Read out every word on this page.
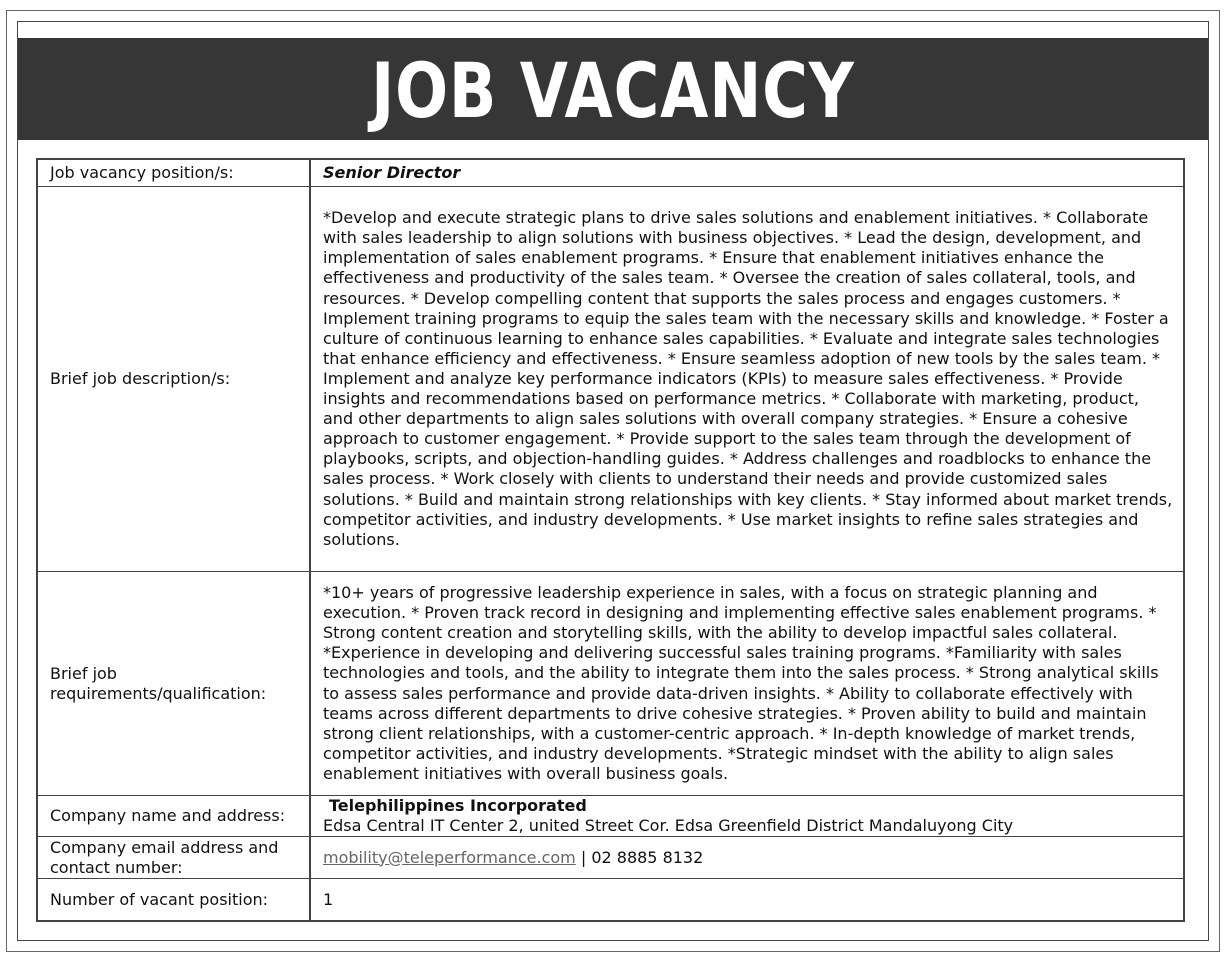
JOB VACANCY
Job vacancy position/s:	Senior Director
Brief job description/s:	*Develop and execute strategic plans to drive sales solutions and enablement initiatives. * Collaborate with sales leadership to align solutions with business objectives. * Lead the design, development, and implementation of sales enablement programs. * Ensure that enablement initiatives enhance the effectiveness and productivity of the sales team. * Oversee the creation of sales collateral, tools, and resources. * Develop compelling content that supports the sales process and engages customers. * Implement training programs to equip the sales team with the necessary skills and knowledge. * Foster a culture of continuous learning to enhance sales capabilities. * Evaluate and integrate sales technologies that enhance efficiency and effectiveness. * Ensure seamless adoption of new tools by the sales team. * Implement and analyze key performance indicators (KPIs) to measure sales effectiveness. * Provide insights and recommendations based on performance metrics. * Collaborate with marketing, product, and other departments to align sales solutions with overall company strategies. * Ensure a cohesive approach to customer engagement. * Provide support to the sales team through the development of playbooks, scripts, and objection-handling guides. * Address challenges and roadblocks to enhance the sales process. * Work closely with clients to understand their needs and provide customized sales solutions. * Build and maintain strong relationships with key clients. * Stay informed about market trends, competitor activities, and industry developments. * Use market insights to refine sales strategies and solutions.

Brief job requirements/qualification:	*10+ years of progressive leadership experience in sales, with a focus on strategic planning and execution. * Proven track record in designing and implementing effective sales enablement programs. * Strong content creation and storytelling skills, with the ability to develop impactful sales collateral. *Experience in developing and delivering successful sales training programs. *Familiarity with sales technologies and tools, and the ability to integrate them into the sales process. * Strong analytical skills to assess sales performance and provide data-driven insights. * Ability to collaborate effectively with teams across different departments to drive cohesive strategies. * Proven ability to build and maintain strong client relationships, with a customer-centric approach. * In-depth knowledge of market trends, competitor activities, and industry developments. *Strategic mindset with the ability to align sales enablement initiatives with overall business goals.

Company name and address:	Telephilippines Incorporated
Edsa Central IT Center 2, united Street Cor. Edsa Greenfield District Mandaluyong City

Company email address and contact number:	mobility@teleperformance.com | 02 8885 8132
Number of vacant position:	1
